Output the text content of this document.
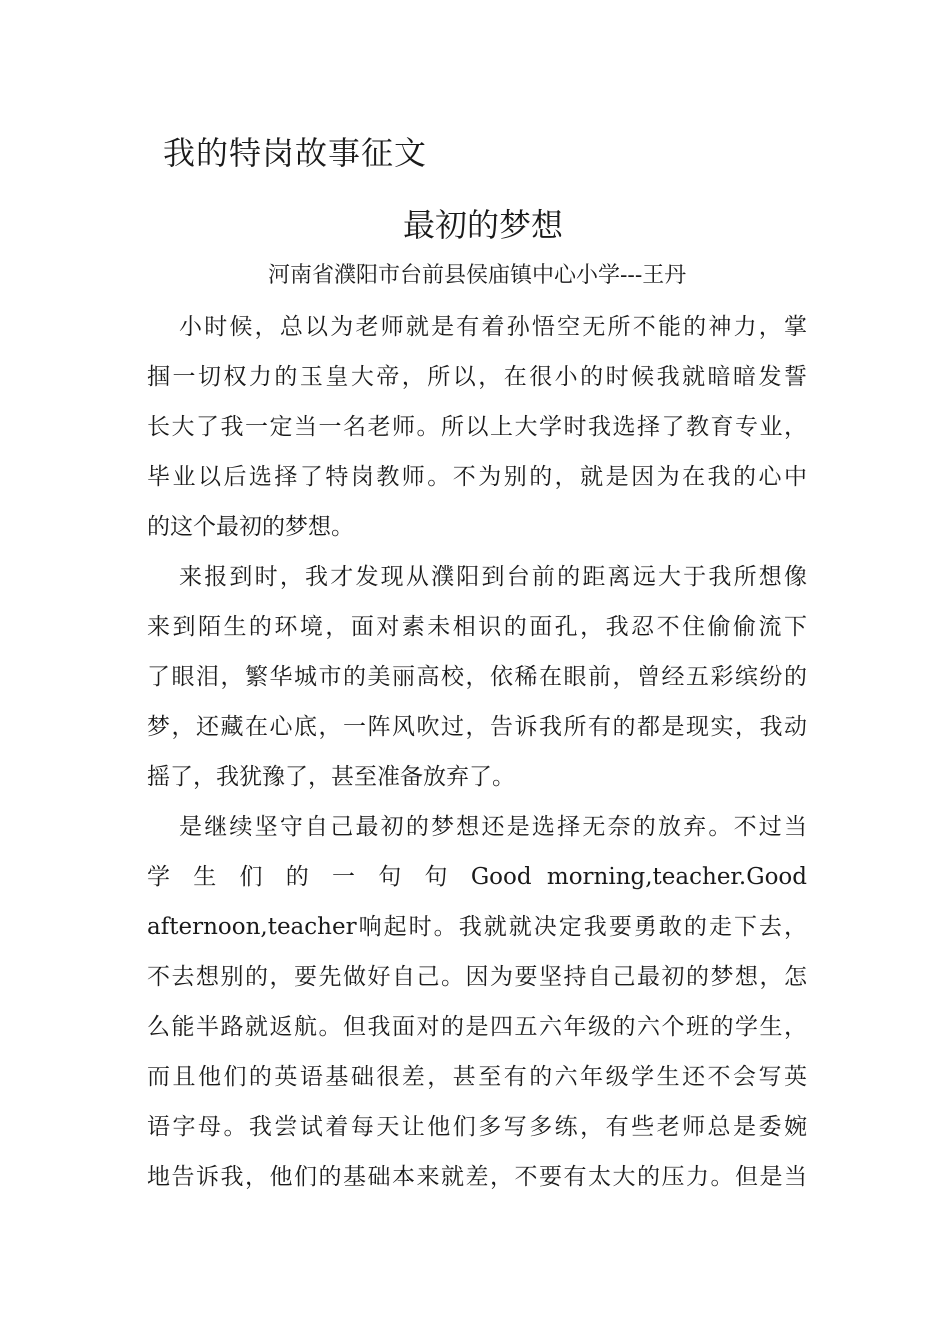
我的特岗故事征文
最初的梦想
河南省濮阳市台前县侯庙镇中心小学---王丹
小时候，总以为老师就是有着孙悟空无所不能的神力，掌
掴一切权力的玉皇大帝，所以，在很小的时候我就暗暗发誓
长大了我一定当一名老师。所以上大学时我选择了教育专业，
毕业以后选择了特岗教师。不为别的，就是因为在我的心中
的这个最初的梦想。
来报到时，我才发现从濮阳到台前的距离远大于我所想像
来到陌生的环境，面对素未相识的面孔，我忍不住偷偷流下
了眼泪，繁华城市的美丽高校，依稀在眼前，曾经五彩缤纷的
梦，还藏在心底，一阵风吹过，告诉我所有的都是现实，我动
摇了，我犹豫了，甚至准备放弃了。
是继续坚守自己最初的梦想还是选择无奈的放弃。不过当
学 生 们 的 一 句 句 Good morning,teacher.Good
afternoon,teacher响起时。我就就决定我要勇敢的走下去，
不去想别的，要先做好自己。因为要坚持自己最初的梦想，怎
么能半路就返航。但我面对的是四五六年级的六个班的学生，
而且他们的英语基础很差，甚至有的六年级学生还不会写英
语字母。我尝试着每天让他们多写多练，有些老师总是委婉
地告诉我，他们的基础本来就差，不要有太大的压力。但是当
